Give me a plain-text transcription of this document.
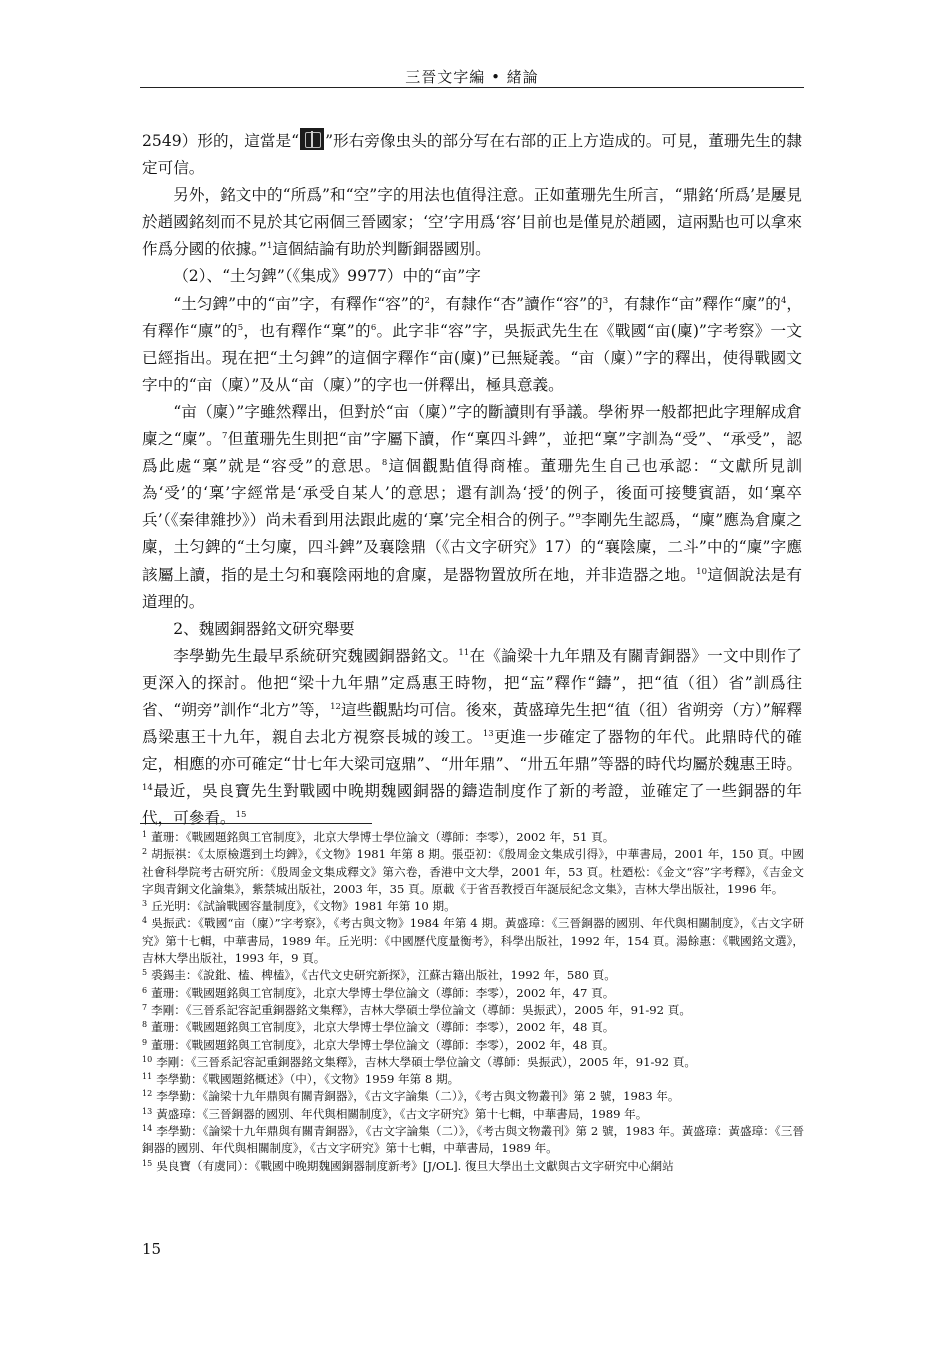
三晉文字編 • 緒論

2549）形的，這當是“ ”形右旁像虫头的部分写在右部的正上方造成的。可見，董珊先生的隸定可信。

另外，銘文中的“所爲”和“空”字的用法也值得注意。正如董珊先生所言，“鼎銘‘所爲’是屢見於趙國銘刻而不見於其它兩個三晉國家；‘空’字用爲‘容’目前也是僅見於趙國，這兩點也可以拿來作爲分國的依據。”$^1$這個結論有助於判斷銅器國別。

（2）、“土匀錍”（《集成》9977）中的“亩”字

“土匀錍”中的“亩”字，有釋作“容”的$^2$，有隸作“杏”讀作“容”的$^3$，有隸作“亩”釋作“廩”的$^4$，有釋作“廪”的$^5$，也有釋作“稟”的$^6$。此字非“容”字，吳振武先生在《戰國“亩(廩)”字考察》一文已經指出。現在把“土匀錍”的這個字釋作“亩(廩)”已無疑義。“亩（廩）”字的釋出，使得戰國文字中的“亩（廩）”及从“亩（廩）”的字也一併釋出，極具意義。

“亩（廩）”字雖然釋出，但對於“亩（廩）”字的斷讀則有爭議。學術界一般都把此字理解成倉廩之“廩”。$^7$但董珊先生則把“亩”字屬下讀，作“稟四斗錍”，並把“稟”字訓為“受”、“承受”，認爲此處“稟”就是“容受”的意思。$^8$這個觀點值得商榷。董珊先生自己也承認：“文獻所見訓為‘受’的‘稟’字經常是‘承受自某人’的意思；還有訓為‘授’的例子，後面可接雙賓語，如‘稟卒兵’（《秦律雜抄》）尚未看到用法跟此處的‘稟’完全相合的例子。”$^9$李剛先生認爲，“廩”應為倉廩之廩，土匀錍的“土匀廩，四斗錍”及襄陰鼎（《古文字研究》17）的“襄陰廩，二斗”中的“廩”字應該屬上讀，指的是土匀和襄陰兩地的倉廩，是器物置放所在地，并非造器之地。$^{10}$這個說法是有道理的。

2、魏國銅器銘文研究舉要

李學勤先生最早系統研究魏國銅器銘文。$^{11}$在《論梁十九年鼎及有關青銅器》一文中則作了更深入的探討。他把“梁十九年鼎”定爲惠王時物，把“衁”釋作“鑄”，把“徝（徂）省”訓爲往省、“朔旁”訓作“北方”等，$^{12}$這些觀點均可信。後來，黃盛璋先生把“徝（徂）省朔旁（方）”解釋爲梁惠王十九年，親自去北方視察長城的竣工。$^{13}$更進一步確定了器物的年代。此鼎時代的確定，相應的亦可確定“廿七年大梁司寇鼎”、“卅年鼎”、“卅五年鼎”等器的時代均屬於魏惠王時。$^{14}$最近，吳良寶先生對戰國中晚期魏國銅器的鑄造制度作了新的考證，並確定了一些銅器的年代，可參看。$^{15}$

$^1$ 董珊：《戰國題銘與工官制度》，北京大學博士學位論文（導師：李零），2002 年，51 頁。

$^2$ 胡振祺：《太原檢選到土均錍》，《文物》1981 年第 8 期。張亞初：《殷周金文集成引得》，中華書局，2001 年，150 頁。中國社會科學院考古研究所：《殷周金文集成釋文》第六卷，香港中文大學，2001 年，53 頁。杜廼松：《金文“容”字考釋》，《吉金文字與青銅文化論集》，紫禁城出版社，2003 年，35 頁。原載《于省吾教授百年誕辰紀念文集》，吉林大學出版社，1996 年。

$^3$ 丘光明：《試論戰國容量制度》，《文物》1981 年第 10 期。

$^4$ 吳振武：《戰國“亩（廩）”字考察》，《考古與文物》1984 年第 4 期。黃盛璋：《三晉銅器的國別、年代與相關制度》，《古文字研究》第十七輯，中華書局，1989 年。丘光明：《中國歷代度量衡考》，科學出版社，1992 年，154 頁。湯餘惠：《戰國銘文選》，吉林大學出版社，1993 年，9 頁。

$^5$ 裘錫圭：《說鈚、榼、椑榼》，《古代文史研究新探》，江蘇古籍出版社，1992 年，580 頁。

$^6$ 董珊：《戰國題銘與工官制度》，北京大學博士學位論文（導師：李零），2002 年，47 頁。

$^7$ 李剛：《三晉系記容記重銅器銘文集釋》，吉林大學碩士學位論文（導師：吳振武），2005 年，91-92 頁。

$^8$ 董珊：《戰國題銘與工官制度》，北京大學博士學位論文（導師：李零），2002 年，48 頁。

$^9$ 董珊：《戰國題銘與工官制度》，北京大學博士學位論文（導師：李零），2002 年，48 頁。

$^{10}$ 李剛：《三晉系記容記重銅器銘文集釋》，吉林大學碩士學位論文（導師：吳振武），2005 年，91-92 頁。

$^{11}$ 李學勤：《戰國題銘概述》（中），《文物》1959 年第 8 期。

$^{12}$ 李學勤：《論梁十九年鼎與有關青銅器》，《古文字論集（二）》，《考古與文物叢刊》第 2 號，1983 年。

$^{13}$ 黃盛璋：《三晉銅器的國別、年代與相關制度》，《古文字研究》第十七輯，中華書局，1989 年。

$^{14}$ 李學勤：《論梁十九年鼎與有關青銅器》，《古文字論集（二）》，《考古與文物叢刊》第 2 號，1983 年。黃盛璋：黃盛璋：《三晉銅器的國別、年代與相關制度》，《古文字研究》第十七輯，中華書局，1989 年。

$^{15}$ 吳良寶（有虞同）：《戰國中晚期魏國銅器制度新考》[J/OL]. 復旦大學出土文獻與古文字研究中心網站

15
